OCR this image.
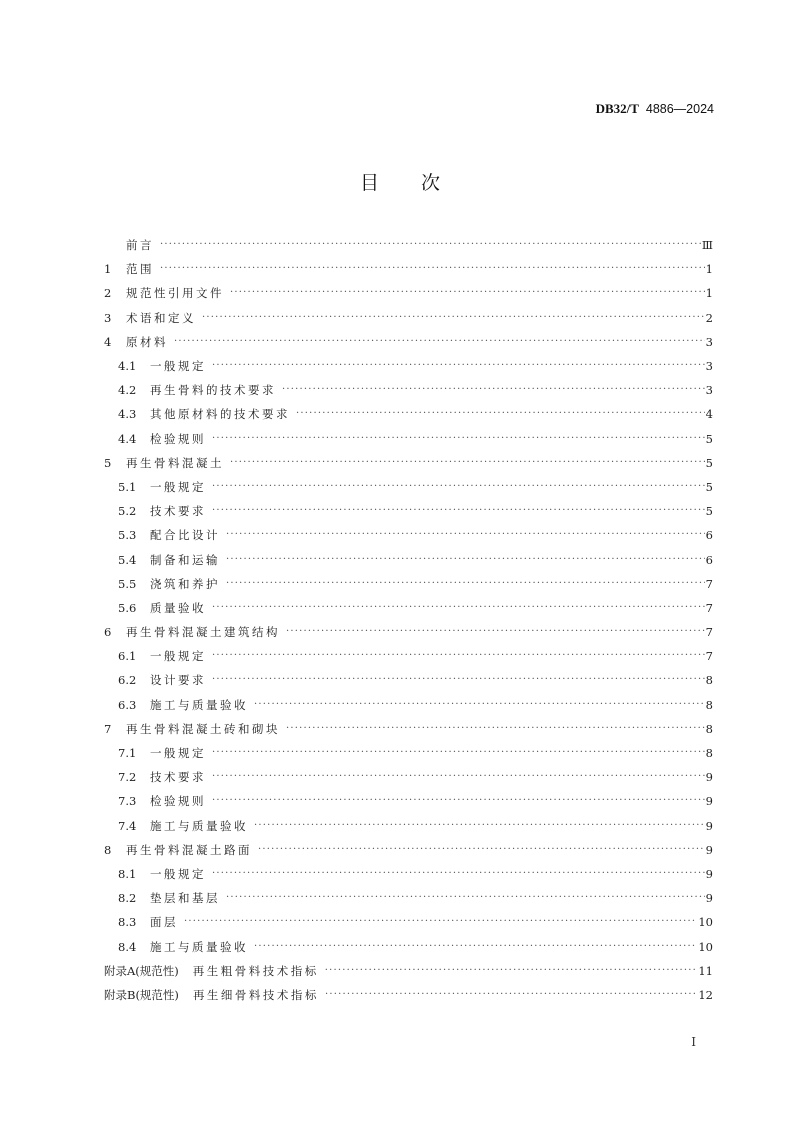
DB32/T 4886—2024
目次
前言 ·····	Ⅲ
1	范围 ·····	1
2	规范性引用文件 ·····	1
3	术语和定义 ·····	2
4	原材料 ·····	3
4.1	一般规定 ·····	3
4.2	再生骨料的技术要求 ·····	3
4.3	其他原材料的技术要求 ·····	4
4.4	检验规则 ·····	5
5	再生骨料混凝土 ·····	5
5.1	一般规定 ·····	5
5.2	技术要求 ·····	5
5.3	配合比设计 ·····	6
5.4	制备和运输 ·····	6
5.5	浇筑和养护 ·····	7
5.6	质量验收 ·····	7
6	再生骨料混凝土建筑结构 ·····	7
6.1	一般规定 ·····	7
6.2	设计要求 ·····	8
6.3	施工与质量验收 ·····	8
7	再生骨料混凝土砖和砌块 ·····	8
7.1	一般规定 ·····	8
7.2	技术要求 ·····	9
7.3	检验规则 ·····	9
7.4	施工与质量验收 ·····	9
8	再生骨料混凝土路面 ·····	9
8.1	一般规定 ·····	9
8.2	垫层和基层 ·····	9
8.3	面层 ·····	10
8.4	施工与质量验收 ·····	10
附录A(规范性) 再生粗骨料技术指标 ·····	11
附录B(规范性) 再生细骨料技术指标 ·····	12
I
